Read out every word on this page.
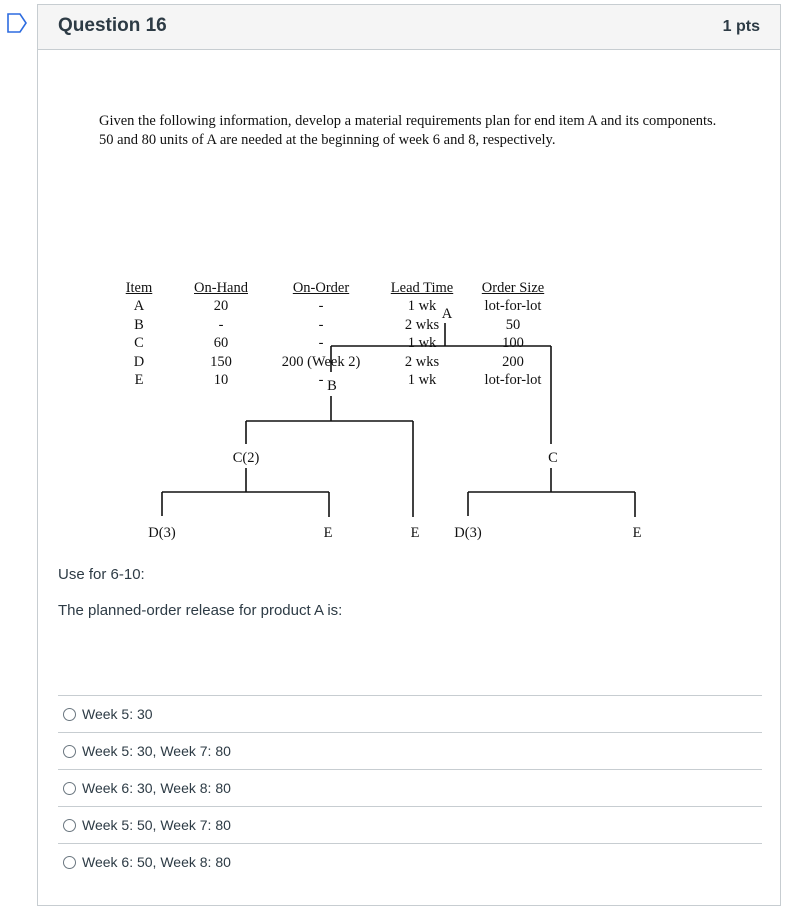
Question 16	1 pts
Given the following information, develop a material requirements plan for end item A and its components. 50 and 80 units of A are needed at the beginning of week 6 and 8, respectively.
Item	On-Hand	On-Order	Lead Time	Order Size
A	20	-	1 wk	lot-for-lot
B	-	-	2 wks	50
C	60	-	1 wk	100
D	150	200 (Week 2)	2 wks	200
E	10	-	1 wk	lot-for-lot
Use for 6-10:
The planned-order release for product A is:
Week 5: 30
Week 5: 30, Week 7: 80
Week 6: 30, Week 8: 80
Week 5: 50, Week 7: 80
Week 6: 50, Week 8: 80
A
B
C(2)	C
D(3)	E	E D(3)	E
